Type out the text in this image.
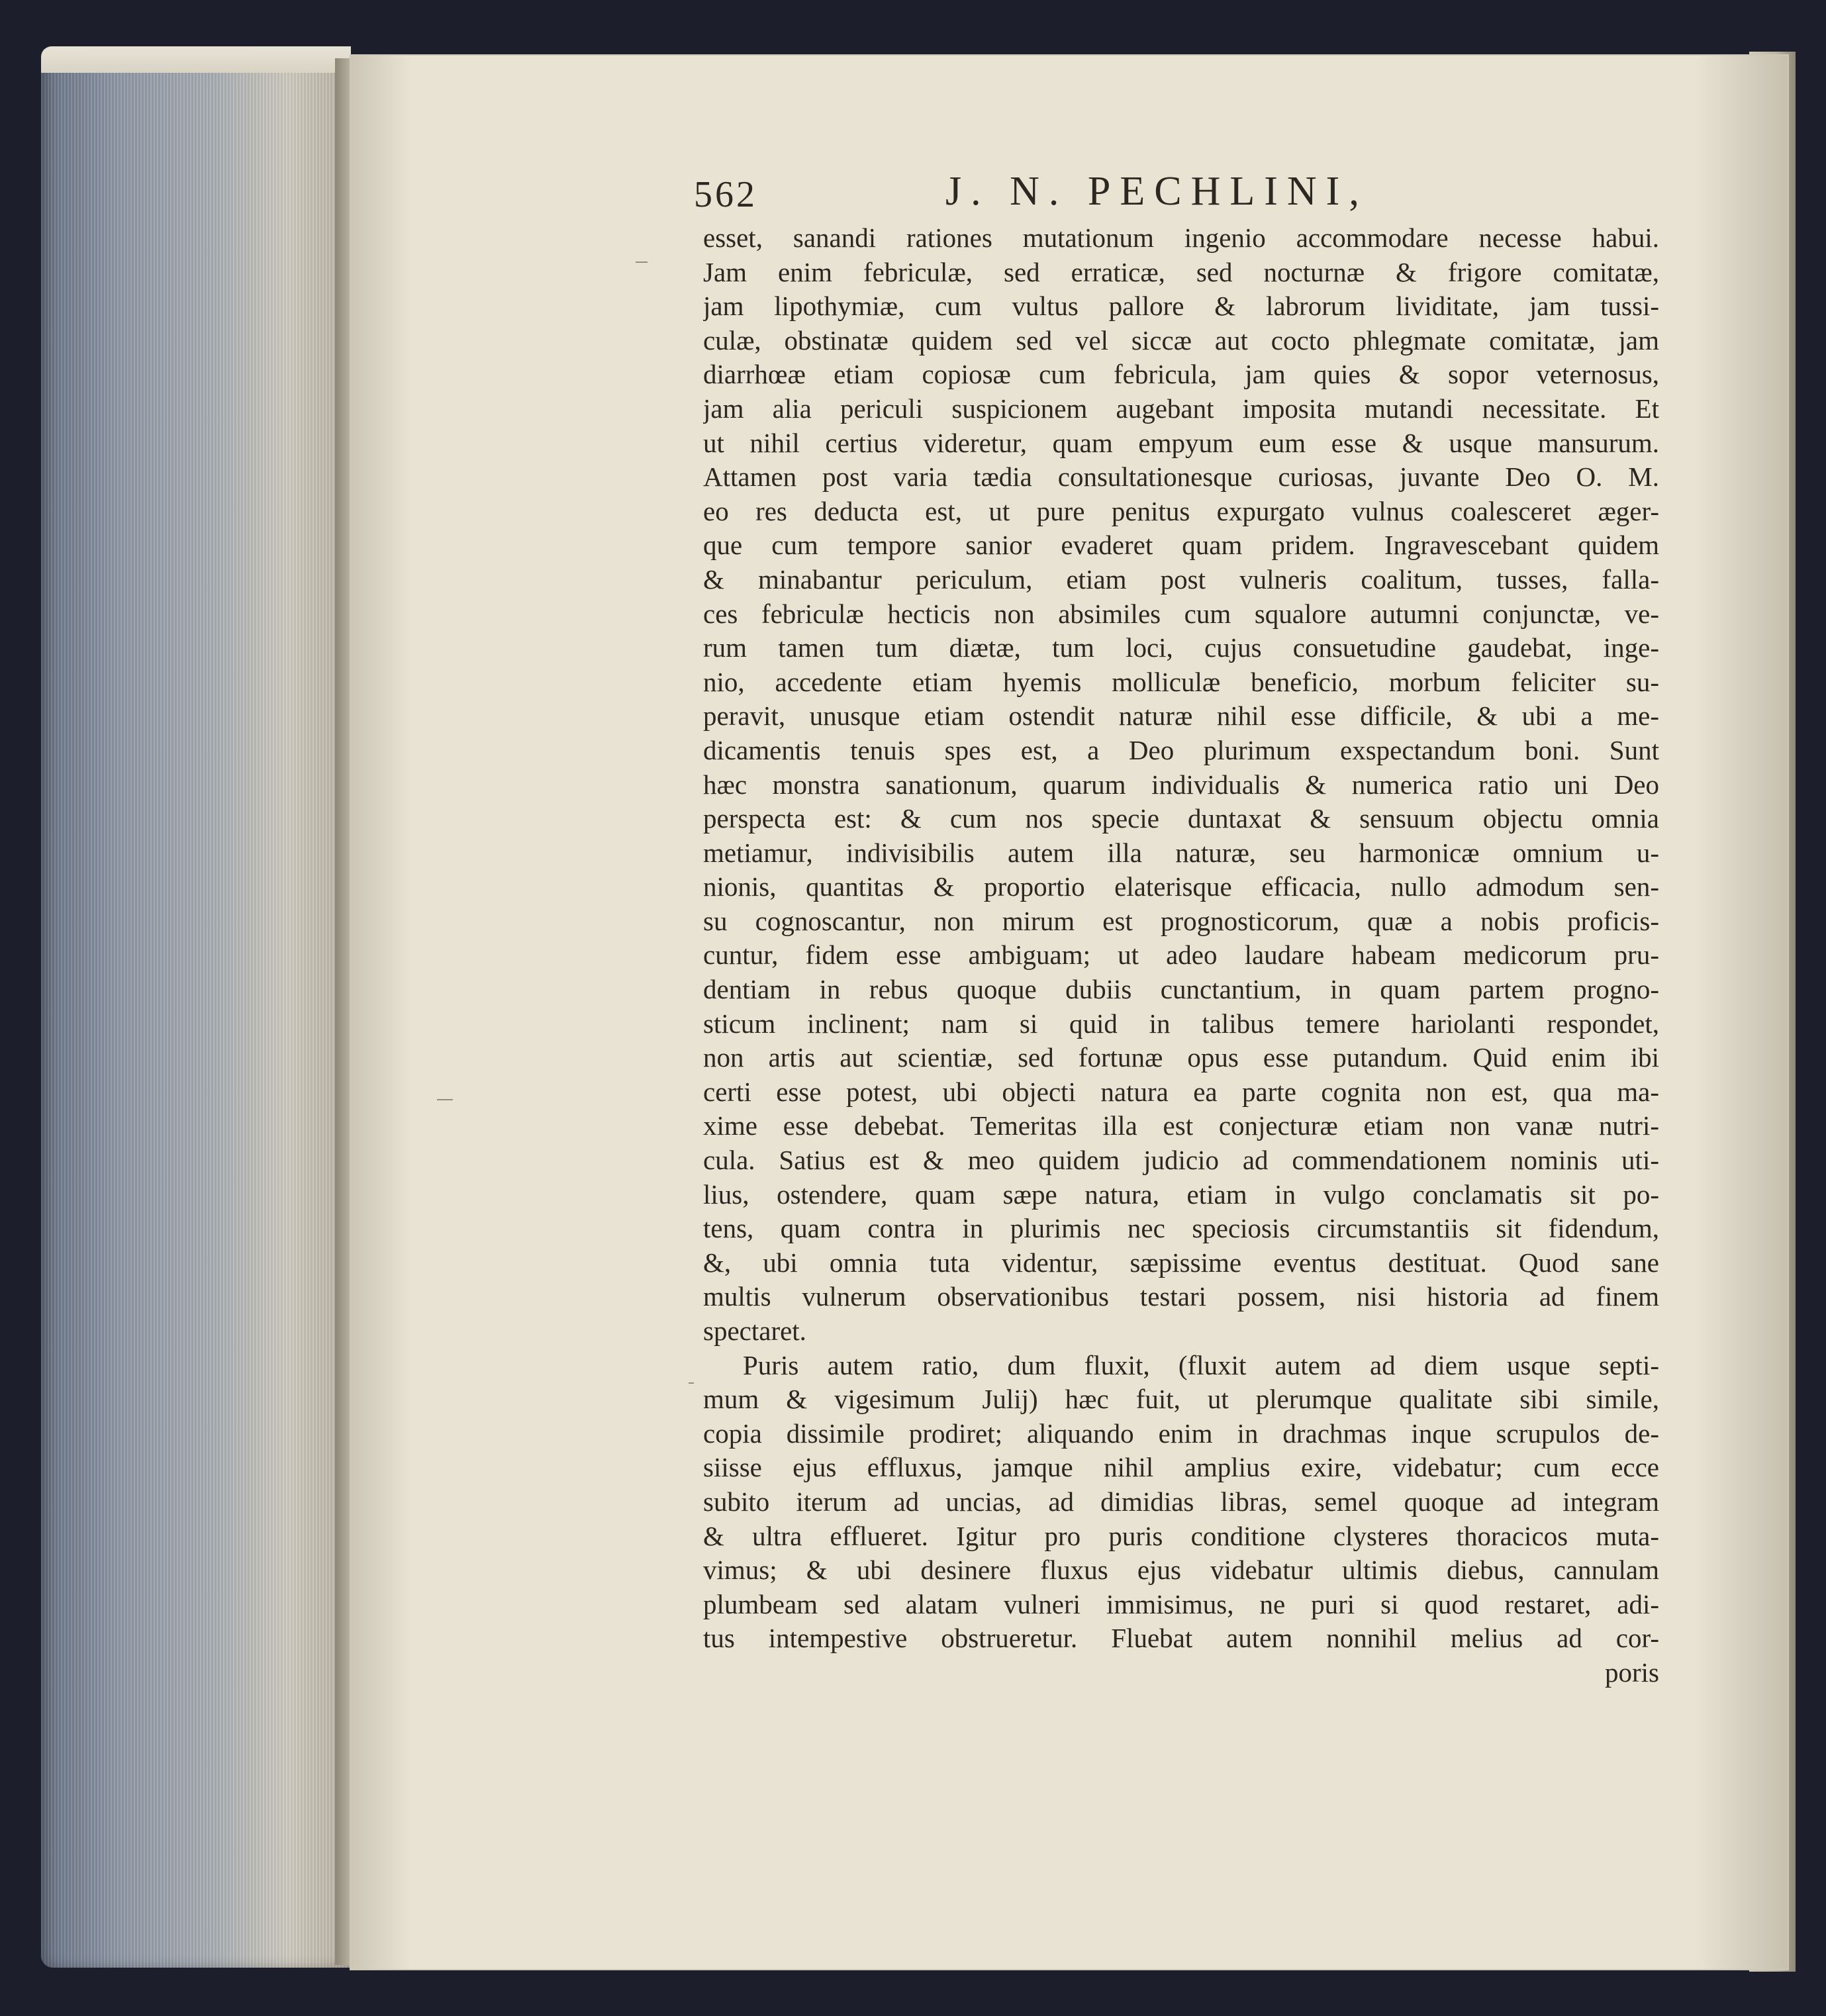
562	J. N. PECHLINI,
esset, sanandi rationes mutationum ingenio accommodare necesse habui.
Jam enim febriculæ, sed erraticæ, sed nocturnæ & frigore comitatæ,
jam lipothymiæ, cum vultus pallore & labrorum lividitate, jam tussi-
culæ, obstinatæ quidem sed vel siccæ aut cocto phlegmate comitatæ, jam
diarrhœæ etiam copiosæ cum febricula, jam quies & sopor veternosus,
jam alia periculi suspicionem augebant imposita mutandi necessitate. Et
ut nihil certius videretur, quam empyum eum esse & usque mansurum.
Attamen post varia tædia consultationesque curiosas, juvante Deo O. M.
eo res deducta est, ut pure penitus expurgato vulnus coalesceret æger-
que cum tempore sanior evaderet quam pridem. Ingravescebant quidem
& minabantur periculum, etiam post vulneris coalitum, tusses, falla-
ces febriculæ hecticis non absimiles cum squalore autumni conjunctæ, ve-
rum tamen tum diætæ, tum loci, cujus consuetudine gaudebat, inge-
nio, accedente etiam hyemis molliculæ beneficio, morbum feliciter su-
peravit, unusque etiam ostendit naturæ nihil esse difficile, & ubi a me-
dicamentis tenuis spes est, a Deo plurimum exspectandum boni. Sunt
hæc monstra sanationum, quarum individualis & numerica ratio uni Deo
perspecta est: & cum nos specie duntaxat & sensuum objectu omnia
metiamur, indivisibilis autem illa naturæ, seu harmonicæ omnium u-
nionis, quantitas & proportio elaterisque efficacia, nullo admodum sen-
su cognoscantur, non mirum est prognosticorum, quæ a nobis proficis-
cuntur, fidem esse ambiguam; ut adeo laudare habeam medicorum pru-
dentiam in rebus quoque dubiis cunctantium, in quam partem progno-
sticum inclinent; nam si quid in talibus temere hariolanti respondet,
non artis aut scientiæ, sed fortunæ opus esse putandum. Quid enim ibi
certi esse potest, ubi objecti natura ea parte cognita non est, qua ma-
xime esse debebat. Temeritas illa est conjecturæ etiam non vanæ nutri-
cula. Satius est & meo quidem judicio ad commendationem nominis uti-
lius, ostendere, quam sæpe natura, etiam in vulgo conclamatis sit po-
tens, quam contra in plurimis nec speciosis circumstantiis sit fidendum,
&, ubi omnia tuta videntur, sæpissime eventus destituat. Quod sane
multis vulnerum observationibus testari possem, nisi historia ad finem
spectaret.
Puris autem ratio, dum fluxit, (fluxit autem ad diem usque septi-
mum & vigesimum Julij) hæc fuit, ut plerumque qualitate sibi simile,
copia dissimile prodiret; aliquando enim in drachmas inque scrupulos de-
siisse ejus effluxus, jamque nihil amplius exire, videbatur; cum ecce
subito iterum ad uncias, ad dimidias libras, semel quoque ad integram
& ultra efflueret. Igitur pro puris conditione clysteres thoracicos muta-
vimus; & ubi desinere fluxus ejus videbatur ultimis diebus, cannulam
plumbeam sed alatam vulneri immisimus, ne puri si quod restaret, adi-
tus intempestive obstrueretur. Fluebat autem nonnihil melius ad cor-
poris
